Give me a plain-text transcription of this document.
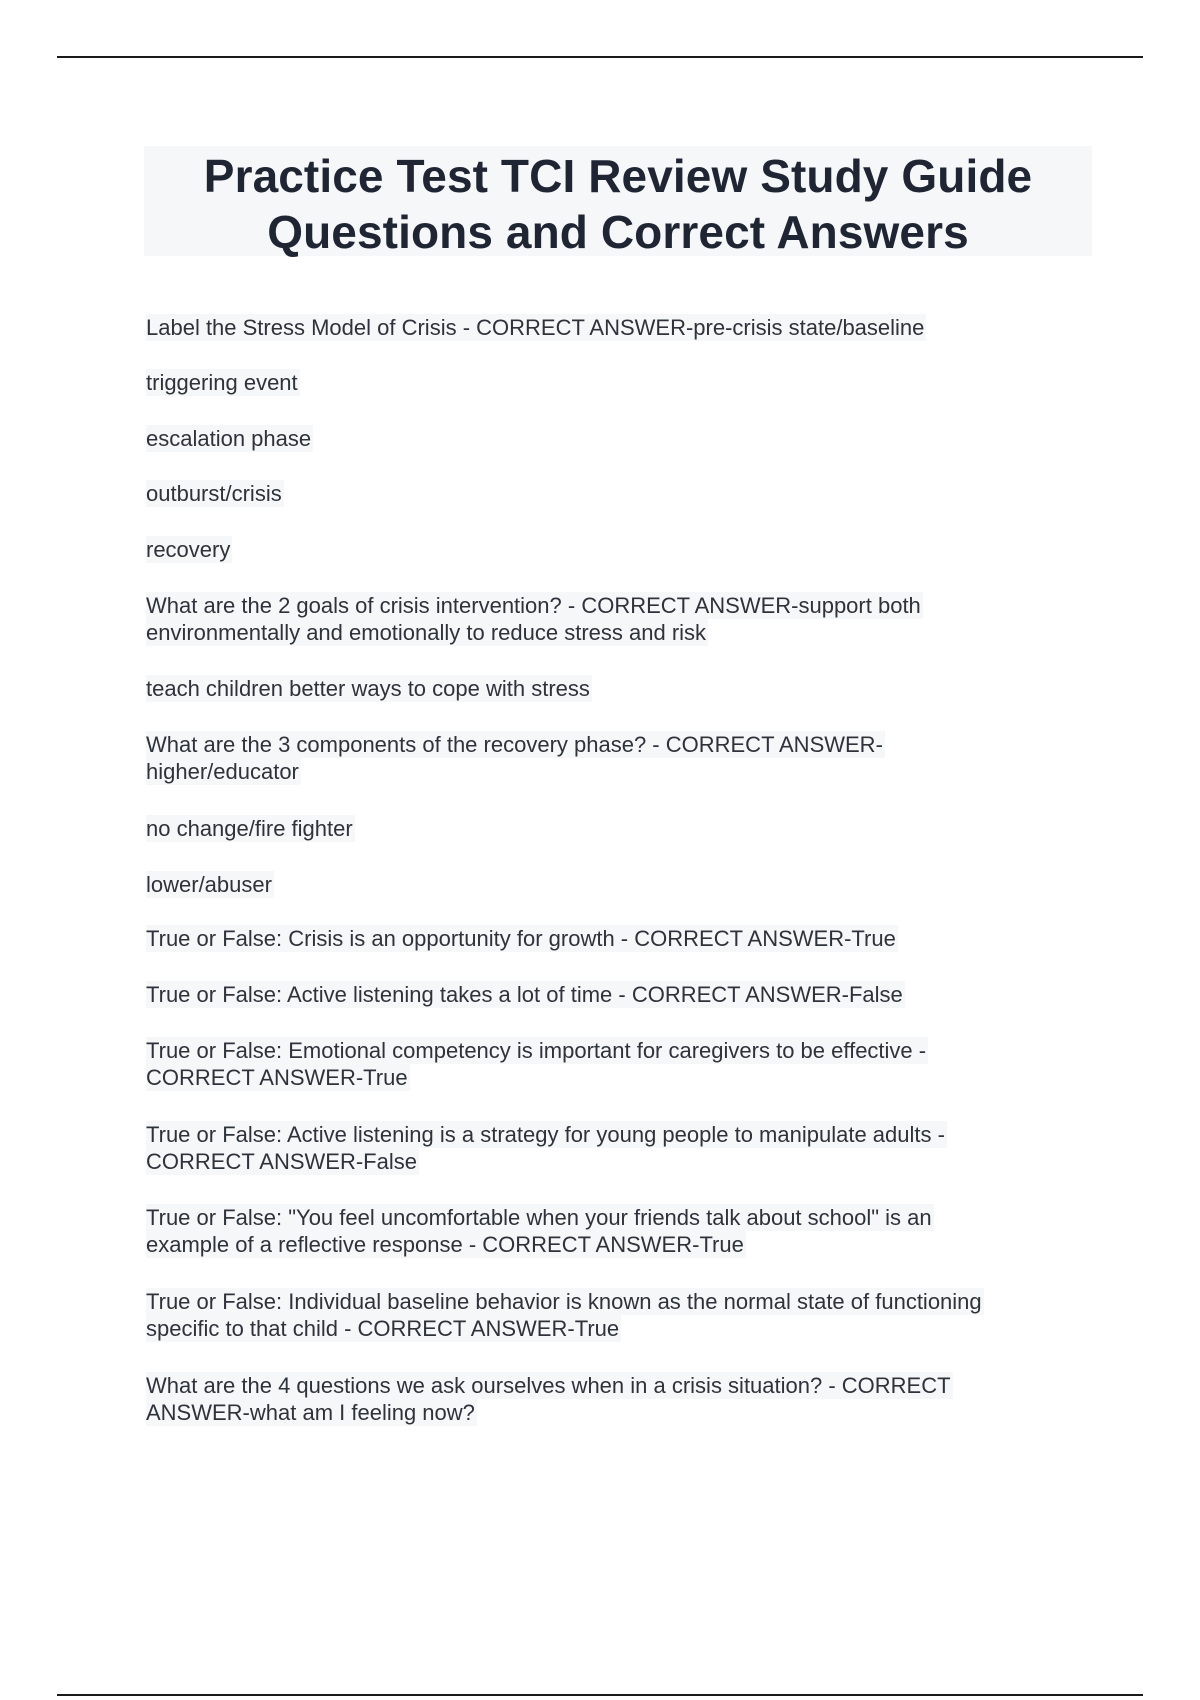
Practice Test TCI Review Study Guide
Questions and Correct Answers

Label the Stress Model of Crisis - CORRECT ANSWER-pre-crisis state/baseline

triggering event

escalation phase

outburst/crisis

recovery

What are the 2 goals of crisis intervention? - CORRECT ANSWER-support both
environmentally and emotionally to reduce stress and risk

teach children better ways to cope with stress

What are the 3 components of the recovery phase? - CORRECT ANSWER-
higher/educator

no change/fire fighter

lower/abuser

True or False: Crisis is an opportunity for growth - CORRECT ANSWER-True

True or False: Active listening takes a lot of time - CORRECT ANSWER-False

True or False: Emotional competency is important for caregivers to be effective -
CORRECT ANSWER-True

True or False: Active listening is a strategy for young people to manipulate adults -
CORRECT ANSWER-False

True or False: "You feel uncomfortable when your friends talk about school" is an
example of a reflective response - CORRECT ANSWER-True

True or False: Individual baseline behavior is known as the normal state of functioning
specific to that child - CORRECT ANSWER-True

What are the 4 questions we ask ourselves when in a crisis situation? - CORRECT
ANSWER-what am I feeling now?
